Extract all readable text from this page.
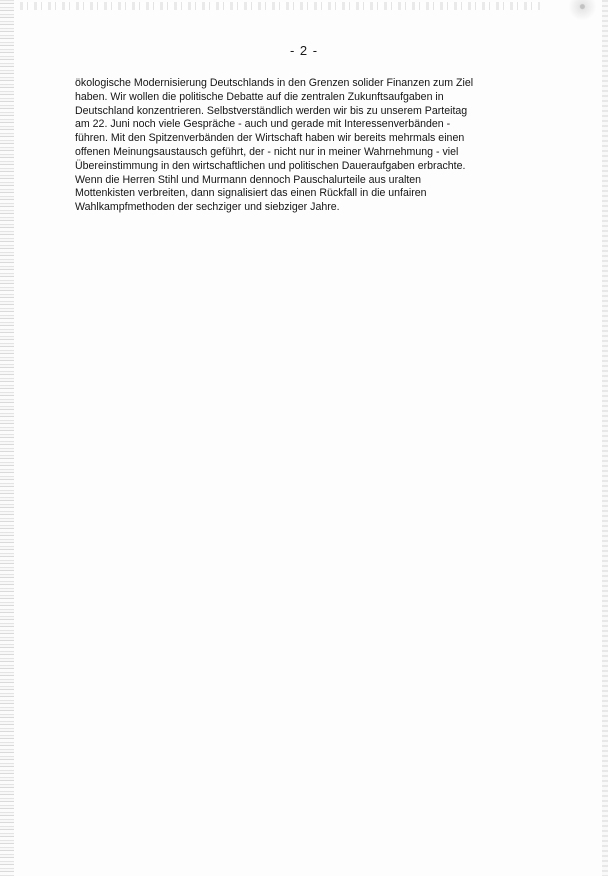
- 2 -
ökologische Modernisierung Deutschlands in den Grenzen solider Finanzen zum Ziel
haben. Wir wollen die politische Debatte auf die zentralen Zukunftsaufgaben in
Deutschland konzentrieren. Selbstverständlich werden wir bis zu unserem Parteitag
am 22. Juni noch viele Gespräche - auch und gerade mit Interessenverbänden -
führen. Mit den Spitzenverbänden der Wirtschaft haben wir bereits mehrmals einen
offenen Meinungsaustausch geführt, der - nicht nur in meiner Wahrnehmung - viel
Übereinstimmung in den wirtschaftlichen und politischen Daueraufgaben erbrachte.
Wenn die Herren Stihl und Murmann dennoch Pauschalurteile aus uralten
Mottenkisten verbreiten, dann signalisiert das einen Rückfall in die unfairen
Wahlkampfmethoden der sechziger und siebziger Jahre.
